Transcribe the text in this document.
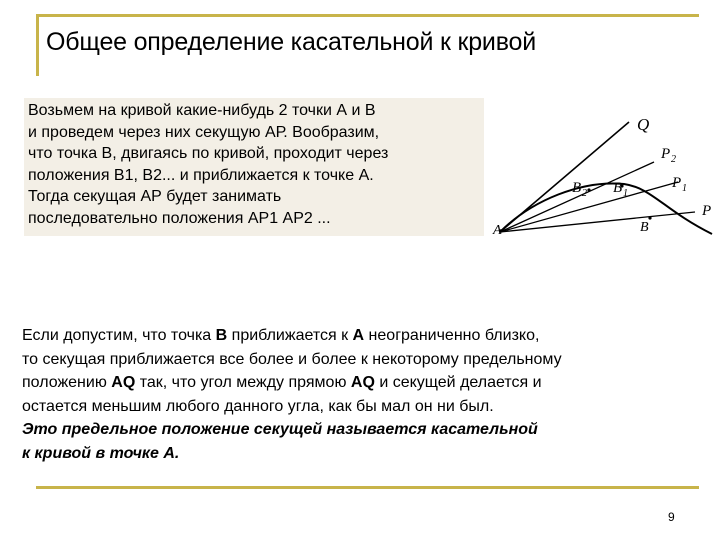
Общее определение касательной к кривой
Возьмем на кривой какие-нибудь 2 точки А и В
и проведем через них секущую АР. Вообразим,
что точка В, двигаясь по кривой, проходит через
положения В1, В2... и приближается к точке А.
Тогда секущая АР будет занимать
последовательно положения АР1 АР2 ...
Q
P 2
P 1
P
B 2 B 1
B
A
Если допустим, что точка В приближается к А неограниченно близко,
то секущая приближается все более и более к некоторому предельному
положению AQ так, что угол между прямою AQ и секущей делается и
остается меньшим любого данного угла, как бы мал он ни был.
Это предельное положение секущей называется касательной
к кривой в точке А.
9
